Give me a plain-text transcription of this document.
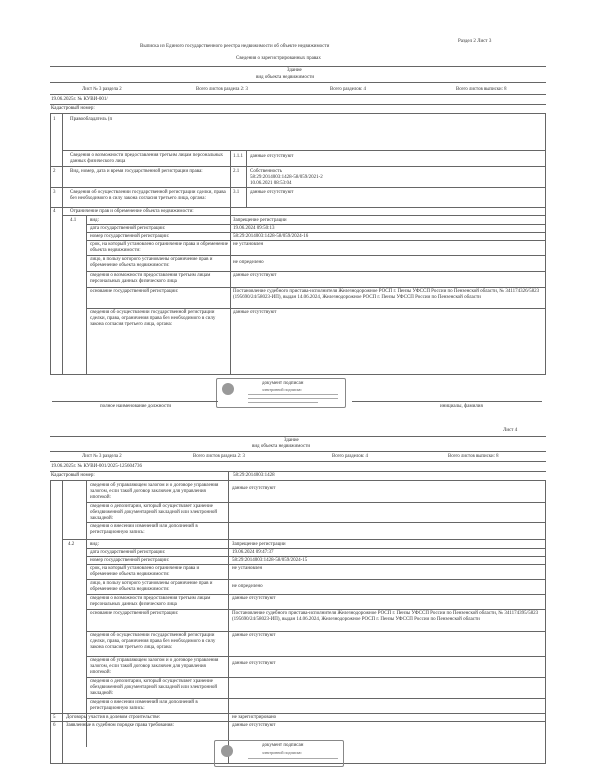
Выписка из Единого государственного реестра недвижимости об объекте недвижимости
Раздел 2 Лист 3
Сведения о зарегистрированных правах
Здание
вид объекта недвижимости
Лист № 3 раздела 2	Всего листов раздела 2: 3	Всего разделов: 4	Всего листов выписки: 8
19.06.2025г. № КУВИ-001/
Кадастровый номер:
1	Правообладатель (п
Сведения о возможности предоставления третьим лицам персональных данных физического лица
1.1.1 данные отсутствуют
2	Вид, номер, дата и время государственной регистрации права:	2.1 Собственность
58:29:2014003:1428-58/059/2021-2
10.06.2021 08:53:04
3	Сведения об осуществлении государственной регистрации сделки, права без необходимого в силу закона согласия третьего лица, органа:
3.1 данные отсутствуют
4	Ограничение прав и обременение объекта недвижимости:
4.1	вид:	Запрещение регистрации
дата государственной регистрации:	19.06.2024 09:50:13
номер государственной регистрации:	58:29:2014003:1428-58/059/2024-16
срок, на который установлено ограничение права и обременение объекта недвижимости:
не установлен
лицо, в пользу которого установлены ограничение прав и обременение объекта недвижимости:
не определено
сведения о возможности предоставления третьим лицам персональных данных физического лица
данные отсутствуют
основание государственной регистрации:	Постановление судебного пристава-исполнителя Железнодорожное РОСП г. Пензы УФССП России по Пензенской области, № 341174326/5823 (195690/24/58023-ИП), выдан 14.06.2024, Железнодорожное РОСП г. Пензы УФССП России по Пензенской области
сведения об осуществлении государственной регистрации сделки, права, ограничения права без необходимого в силу закона согласия третьего лица, органа:
данные отсутствуют
документ подписан
электронной подписью
полное наименование должности	инициалы, фамилия
Лист 4
Здание
вид объекта недвижимости
Лист № 3 раздела 2	Всего листов раздела 2: 3	Всего разделов: 4	Всего листов выписки: 8
19.06.2025г. № КУВИ-001/2025-125604736
Кадастровый номер:	58:29:2014003:1428
сведения об управляющем залогом и о договоре управления залогом, если такой договор заключен для управления ипотекой:
данные отсутствуют
сведения о депозитарии, который осуществляет хранение обездвиженной документарной закладной или электронной закладной:
сведения о внесении изменений или дополнений в регистрационную запись:
4.2	вид:	Запрещение регистрации
дата государственной регистрации:	19.06.2024 09:47:37
номер государственной регистрации:	58:29:2014003:1428-58/059/2024-15
срок, на который установлено ограничение права и обременение объекта недвижимости:
не установлен
лицо, в пользу которого установлены ограничение прав и обременение объекта недвижимости:
не определено
сведения о возможности предоставления третьим лицам персональных данных физического лица
данные отсутствуют
основание государственной регистрации:	Постановление судебного пристава-исполнителя Железнодорожное РОСП г. Пензы УФССП России по Пензенской области, № 341174395/5823 (195690/24/58023-ИП), выдан 14.06.2024, Железнодорожное РОСП г. Пензы УФССП России по Пензенской области
сведения об осуществлении государственной регистрации сделки, права, ограничения права без необходимого в силу закона согласия третьего лица, органа:
данные отсутствуют
сведения об управляющем залогом и о договоре управления залогом, если такой договор заключен для управления ипотекой:
данные отсутствуют
сведения о депозитарии, который осуществляет хранение обездвиженной документарной закладной или электронной закладной:
сведения о внесении изменений или дополнений в регистрационную запись:
5 Договоры участия в долевом строительстве:	не зарегистрировано
6 Заявленные в судебном порядке права требования:	данные отсутствуют
документ подписан
электронной подписью
